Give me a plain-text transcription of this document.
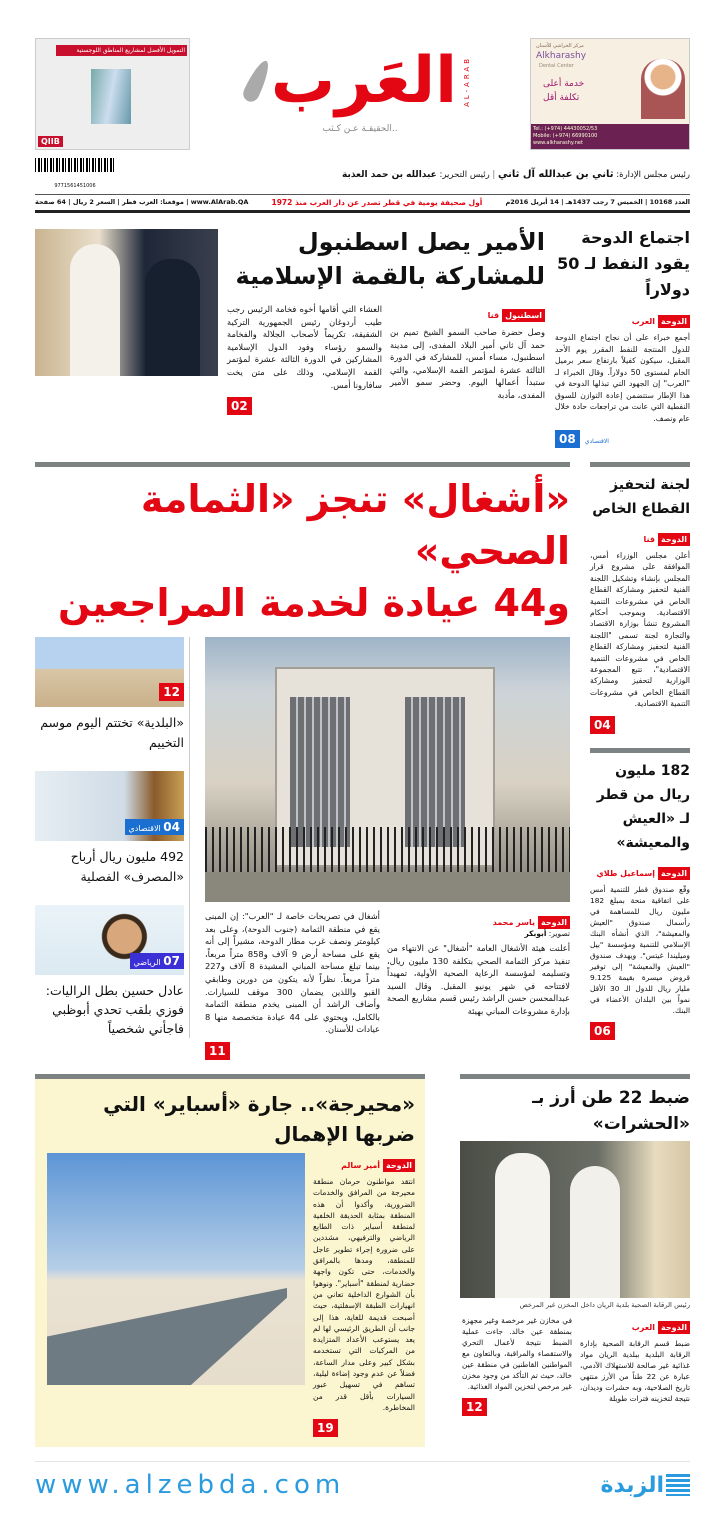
التمويل الأفضل لمشاريع المناطق اللوجستية
QIIB
العَرب AL-ARAB
..الحقيقـة عـن كـثب
مركز الخراشي للأسنان
Alkharashy
Dental Center
خدمة أعلى
تكلفة أقل
Tel.: (+974) 44430052/53
Mobile: (+974) 66990100
www.alkharashy.net
رئيس مجلس الإدارة: ثاني بن عبدالله آل ثاني | رئيس التحرير: عبدالله بن حمد العذبة
9771561451006
العدد 10168 | الخميس 7 رجب 1437هـ | 14 أبريل 2016م
أول صحيفة يومية في قطر تصدر عن دار العرب منذ 1972
www.AlArab.QA | موقعنا: العرب قطر | السعر 2 ريال | 64 صفحة
اجتماع الدوحة يقود النفط لـ 50 دولاراً
الدوحةالعرب
أجمع خبراء على أن نجاح اجتماع الدوحة للدول المنتجة للنفط المقرر يوم الأحد المقبل، سيكون كفيلاً بارتفاع سعر برميل الخام لمستوى 50 دولاراً. وقال الخبراء لـ "العرب" إن الجهود التي تبذلها الدوحة في هذا الإطار ستتضمن إعادة التوازن للسوق النفطية التي عانت من تراجعات حادة خلال عام ونصف.
08 الاقتصادي
الأمير يصل اسطنبول
للمشاركة بالقمة الإسلامية
اسطنبولقنا
وصل حضرة صاحب السمو الشيخ تميم بن حمد آل ثاني أمير البلاد المفدى، إلى مدينة اسطنبول، مساء أمس، للمشاركة في الدورة الثالثة عشرة لمؤتمر القمة الإسلامي، والتي ستبدأ أعمالها اليوم. وحضر سمو الأمير المفدى، مأدبة
العشاء التي أقامها أخوه فخامة الرئيس رجب طيب أردوغان رئيس الجمهورية التركية الشقيقة، تكريماً لأصحاب الجلالة والفخامة والسمو رؤساء وفود الدول الإسلامية المشاركين في الدورة الثالثة عشرة لمؤتمر القمة الإسلامي، وذلك على متن يخت سافارونا أمس.
02
لجنة لتحفيز القطاع الخاص
الدوحةقنا
أعلن مجلس الوزراء أمس، الموافقة على مشروع قرار المجلس بإنشاء وتشكيل اللجنة الفنية لتحفيز ومشاركة القطاع الخاص في مشروعات التنمية الاقتصادية. وبموجب أحكام المشروع تنشأ بوزارة الاقتصاد والتجارة لجنة تسمى "اللجنة الفنية لتحفيز ومشاركة القطاع الخاص في مشروعات التنمية الاقتصادية"، تتبع المجموعة الوزارية لتحفيز ومشاركة القطاع الخاص في مشروعات التنمية الاقتصادية.
04
182 مليون ريال من قطر لـ «العيش والمعيشة»
الدوحةإسماعيل طلاي
وقّع صندوق قطر للتنمية أمس على اتفاقية منحة بمبلغ 182 مليون ريال للمساهمة في رأسمال صندوق "العيش والمعيشة"، الذي أنشأه البنك الإسلامي للتنمية ومؤسسة "بيل وميليندا غيتس". ويهدف صندوق "العيش والمعيشة" إلى توفير قروض ميسرة بقيمة 9.125 مليار ريال للدول الـ 30 الأقل نمواً بين البلدان الأعضاء في البنك.
06
«أشغال» تنجز «الثمامة الصحي»
و44 عيادة لخدمة المراجعين
الدوحةياسر محمد
تصوير: أبوبكر
أعلنت هيئة الأشغال العامة "أشغال" عن الانتهاء من تنفيذ مركز الثمامة الصحي بتكلفة 130 مليون ريال، وتسليمه لمؤسسة الرعاية الصحية الأولية، تمهيداً لافتتاحه في شهر يونيو المقبل. وقال السيد عبدالمحسن حسن الراشد رئيس قسم مشاريع الصحة بإدارة مشروعات المباني بهيئة
أشغال في تصريحات خاصة لـ "العرب": إن المبنى يقع في منطقة الثمامة (جنوب الدوحة)، وعلى بعد كيلومتر ونصف غرب مطار الدوحة، مشيراً إلى أنه يقع على مساحة أرض 9 آلاف و858 متراً مربعاً، بينما تبلغ مساحة المباني المشيدة 8 آلاف و227 متراً مربعاً. نظراً لأنه يتكون من دورين وطابقي القبو واللذين يضمان 300 موقف للسيارات. وأضاف الراشد أن المبنى يخدم منطقة الثمامة بالكامل، ويحتوي على 44 عيادة متخصصة منها 8 عيادات للأسنان.
11
12
«البلدية» تختتم اليوم موسم التخييم
04 الاقتصادي
492 مليون ريال أرباح «المصرف» الفصلية
07 الرياضي
عادل حسين بطل الراليات: فوزي بلقب تحدي أبوظبي فاجأني شخصياً
ضبط 22 طن أرز بـ «الحشرات»
رئيس الرقابة الصحية بلدية الريان داخل المخزن غير المرخص
الدوحةالعرب
ضبط قسم الرقابة الصحية بإدارة الرقابة البلدية ببلدية الريان مواد غذائية غير صالحة للاستهلاك الآدمي، عبارة عن 22 طناً من الأرز منتهي تاريخ الصلاحية، وبه حشرات وديدان، نتيجة لتخزينه فترات طويلة
في مخازن غير مرخصة وغير مجهزة بمنطقة عين خالد. جاءت عملية الضبط نتيجة لأعمال التحري والاستقصاء والمراقبة، وبالتعاون مع المواطنين القاطنين في منطقة عين خالد، حيث تم التأكد من وجود مخزن غير مرخص لتخزين المواد الغذائية.
12
«محيرجة».. جارة «أسباير» التي ضربها الإهمال
الدوحةأمير سالم
انتقد مواطنون حرمان منطقة محيرجة من المرافق والخدمات الضرورية، وأكدوا أن هذه المنطقة بمثابة الحديقة الخلفية لمنطقة أسباير ذات الطابع الرياضي والترفيهي، مشددين على ضرورة إجراء تطوير عاجل للمنطقة، ومدها بالمرافق والخدمات، حتى تكون واجهة حضارية لمنطقة "أسباير". ونوهوا بأن الشوارع الداخلية تعاني من انهيارات الطبقة الإسفلتية، حيث أصبحت قديمة للغاية، هذا إلى جانب أن الطريق الرئيسي لها لم يعد يستوعب الأعداد المتزايدة من المركبات التي تستخدمه بشكل كبير وعلى مدار الساعة، فضلاً عن عدم وجود إضاءة ليلية، تساهم في تسهيل عبور السيارات بأقل قدر من المخاطرة.
19
www.alzebda.com	الزبدة
